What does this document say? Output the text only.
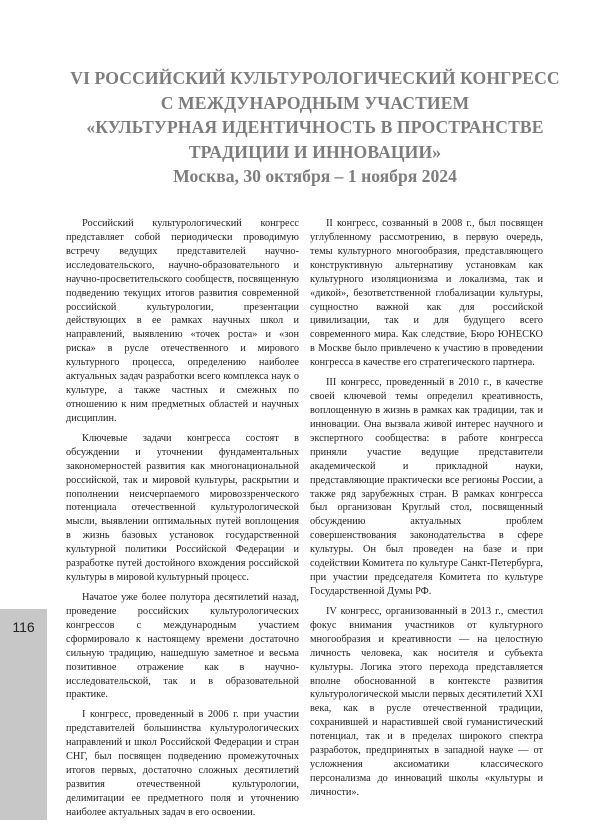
VI РОССИЙСКИЙ КУЛЬТУРОЛОГИЧЕСКИЙ КОНГРЕСС

С МЕЖДУНАРОДНЫМ УЧАСТИЕМ

«КУЛЬТУРНАЯ ИДЕНТИЧНОСТЬ В ПРОСТРАНСТВЕ

ТРАДИЦИИ И ИННОВАЦИИ»

Москва, 30 октября – 1 ноября 2024

Российский культурологический конгресс представляет собой периодически проводимую встречу ведущих представителей научно-исследовательского, научно-образовательного и научно-просветительского сообществ, посвященную подведению текущих итогов развития современной российской культурологии, презентации действующих в ее рамках научных школ и направлений, выявлению «точек роста» и «зон риска» в русле отечественного и мирового культурного процесса, определению наиболее актуальных задач разработки всего комплекса наук о культуре, а также частных и смежных по отношению к ним предметных областей и научных дисциплин.

Ключевые задачи конгресса состоят в обсуждении и уточнении фундаментальных закономерностей развития как многонациональной российской, так и мировой культуры, раскрытии и пополнении неисчерпаемого мировоззренческого потенциала отечественной культурологической мысли, выявлении оптимальных путей воплощения в жизнь базовых установок государственной культурной политики Российской Федерации и разработке путей достойного вхождения российской культуры в мировой культурный процесс.

Начатое уже более полутора десятилетий назад, проведение российских культурологических конгрессов с международным участием сформировало к настоящему времени достаточно сильную традицию, нашедшую заметное и весьма позитивное отражение как в научно-исследовательской, так и в образовательной практике.

I конгресс, проведенный в 2006 г. при участии представителей большинства культурологических направлений и школ Российской Федерации и стран СНГ, был посвящен подведению промежуточных итогов первых, достаточно сложных десятилетий развития отечественной культурологии, делимитации ее предметного поля и уточнению наиболее актуальных задач в его освоении.

II конгресс, созванный в 2008 г., был посвящен углубленному рассмотрению, в первую очередь, темы культурного многообразия, представляющего конструктивную альтернативу установкам как культурного изоляционизма и локализма, так и «дикой», безответственной глобализации культуры, сущностно важной как для российской цивилизации, так и для будущего всего современного мира. Как следствие, Бюро ЮНЕСКО в Москве было привлечено к участию в проведении конгресса в качестве его стратегического партнера.

III конгресс, проведенный в 2010 г., в качестве своей ключевой темы определил креативность, воплощенную в жизнь в рамках как традиции, так и инновации. Она вызвала живой интерес научного и экспертного сообщества: в работе конгресса приняли участие ведущие представители академической и прикладной науки, представляющие практически все регионы России, а также ряд зарубежных стран. В рамках конгресса был организован Круглый стол, посвященный обсуждению актуальных проблем совершенствования законодательства в сфере культуры. Он был проведен на базе и при содействии Комитета по культуре Санкт-Петербурга, при участии председателя Комитета по культуре Государственной Думы РФ.

IV конгресс, организованный в 2013 г., сместил фокус внимания участников от культурного многообразия и креативности — на целостную личность человека, как носителя и субъекта культуры. Логика этого перехода представляется вполне обоснованной в контексте развития культурологической мысли первых десятилетий XXI века, как в русле отечественной традиции, сохранившей и нарастившей свой гуманистический потенциал, так и в пределах широкого спектра разработок, предпринятых в западной науке — от усложнения аксиоматики классического персонализма до инноваций школы «культуры и личности».

116
